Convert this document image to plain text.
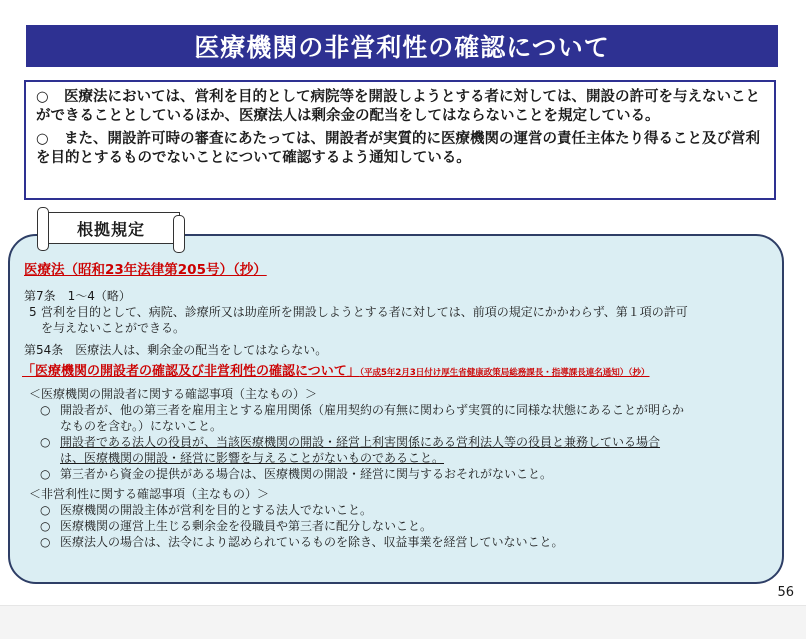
医療機関の非営利性の確認について

○ 医療法においては、営利を目的として病院等を開設しようとする者に対しては、開設の許可を与えないことができることとしているほか、医療法人は剰余金の配当をしてはならないことを規定している。

○ また、開設許可時の審査にあたっては、開設者が実質的に医療機関の運営の責任主体たり得ること及び営利を目的とするものでないことについて確認するよう通知している。

根拠規定
医療法（昭和23年法律第205号）（抄）
第7条　1～4（略）
5 営利を目的として、病院、診療所又は助産所を開設しようとする者に対しては、前項の規定にかかわらず、第１項の許可
を与えないことができる。
第54条　医療法人は、剰余金の配当をしてはならない。
「医療機関の開設者の確認及び非営利性の確認について」（平成5年2月3日付け厚生省健康政策局総務課長・指導課長連名通知）（抄）
＜医療機関の開設者に関する確認事項（主なもの）＞
○ 開設者が、他の第三者を雇用主とする雇用関係（雇用契約の有無に関わらず実質的に同様な状態にあることが明らか
なものを含む。）にないこと。
○ 開設者である法人の役員が、当該医療機関の開設・経営上利害関係にある営利法人等の役員と兼務している場合
は、医療機関の開設・経営に影響を与えることがないものであること。
○ 第三者から資金の提供がある場合は、医療機関の開設・経営に関与するおそれがないこと。
＜非営利性に関する確認事項（主なもの）＞
○ 医療機関の開設主体が営利を目的とする法人でないこと。
○ 医療機関の運営上生じる剰余金を役職員や第三者に配分しないこと。
○ 医療法人の場合は、法令により認められているものを除き、収益事業を経営していないこと。
56
